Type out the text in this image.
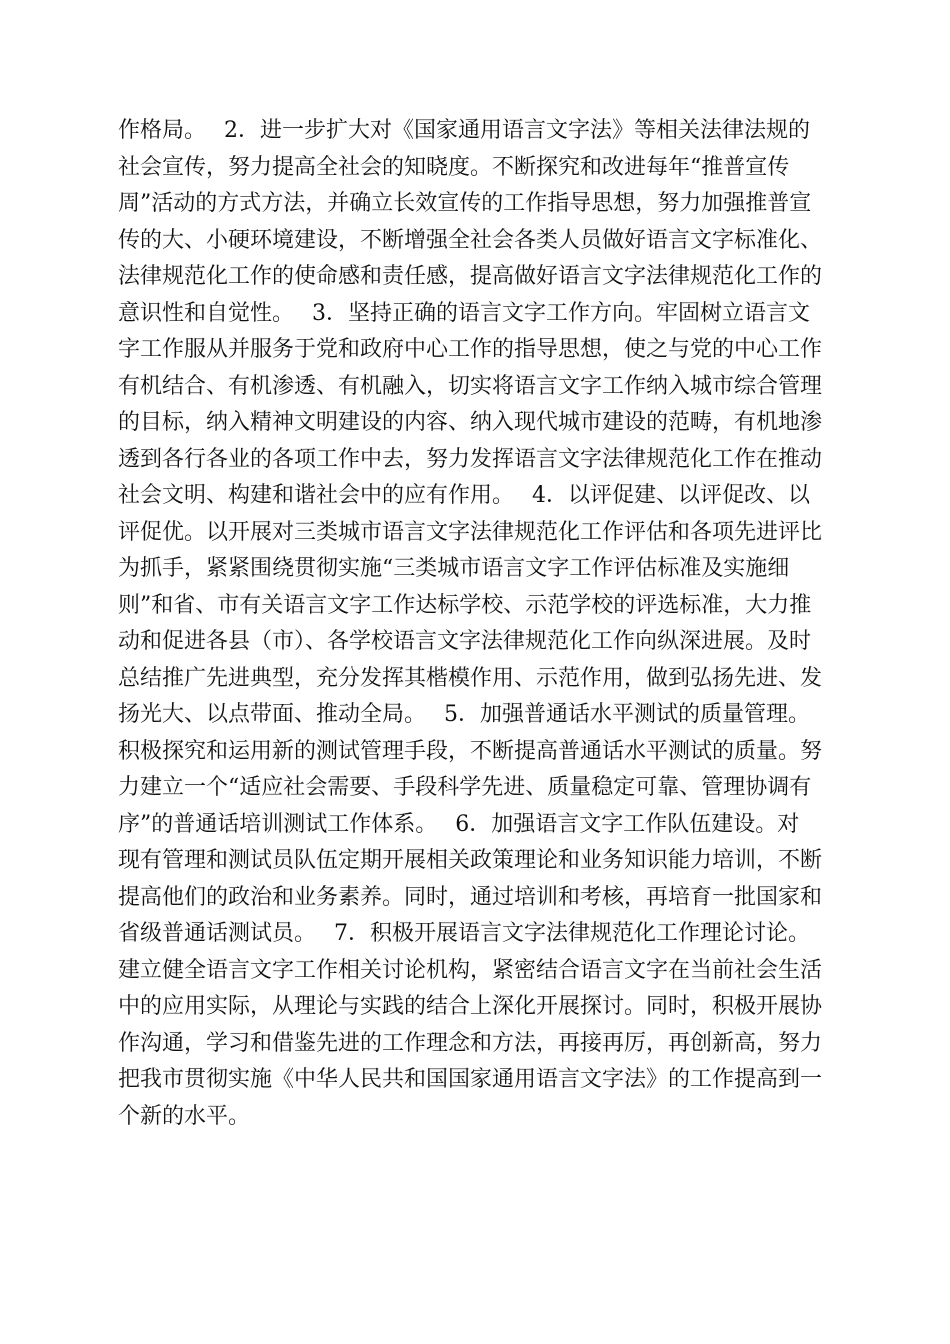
作格局。　 2．进一步扩大对《国家通用语言文字法》等相关法律法规的
社会宣传，努力提高全社会的知晓度。不断探究和改进每年“推普宣传
周”活动的方式方法，并确立长效宣传的工作指导思想，努力加强推普宣
传的大、小硬环境建设，不断增强全社会各类人员做好语言文字标准化、
法律规范化工作的使命感和责任感，提高做好语言文字法律规范化工作的
意识性和自觉性。　 3．坚持正确的语言文字工作方向。牢固树立语言文
字工作服从并服务于党和政府中心工作的指导思想，使之与党的中心工作
有机结合、有机渗透、有机融入，切实将语言文字工作纳入城市综合管理
的目标，纳入精神文明建设的内容、纳入现代城市建设的范畴，有机地渗
透到各行各业的各项工作中去，努力发挥语言文字法律规范化工作在推动
社会文明、构建和谐社会中的应有作用。　 4．以评促建、以评促改、以
评促优。以开展对三类城市语言文字法律规范化工作评估和各项先进评比
为抓手，紧紧围绕贯彻实施“三类城市语言文字工作评估标准及实施细
则”和省、市有关语言文字工作达标学校、示范学校的评选标准，大力推
动和促进各县（市）、各学校语言文字法律规范化工作向纵深进展。及时
总结推广先进典型，充分发挥其楷模作用、示范作用，做到弘扬先进、发
扬光大、以点带面、推动全局。　 5．加强普通话水平测试的质量管理。
积极探究和运用新的测试管理手段，不断提高普通话水平测试的质量。努
力建立一个“适应社会需要、手段科学先进、质量稳定可靠、管理协调有
序”的普通话培训测试工作体系。　 6．加强语言文字工作队伍建设。对
现有管理和测试员队伍定期开展相关政策理论和业务知识能力培训，不断
提高他们的政治和业务素养。同时，通过培训和考核，再培育一批国家和
省级普通话测试员。　 7．积极开展语言文字法律规范化工作理论讨论。
建立健全语言文字工作相关讨论机构，紧密结合语言文字在当前社会生活
中的应用实际，从理论与实践的结合上深化开展探讨。同时，积极开展协
作沟通，学习和借鉴先进的工作理念和方法，再接再厉，再创新高，努力
把我市贯彻实施《中华人民共和国国家通用语言文字法》的工作提高到一
个新的水平。
